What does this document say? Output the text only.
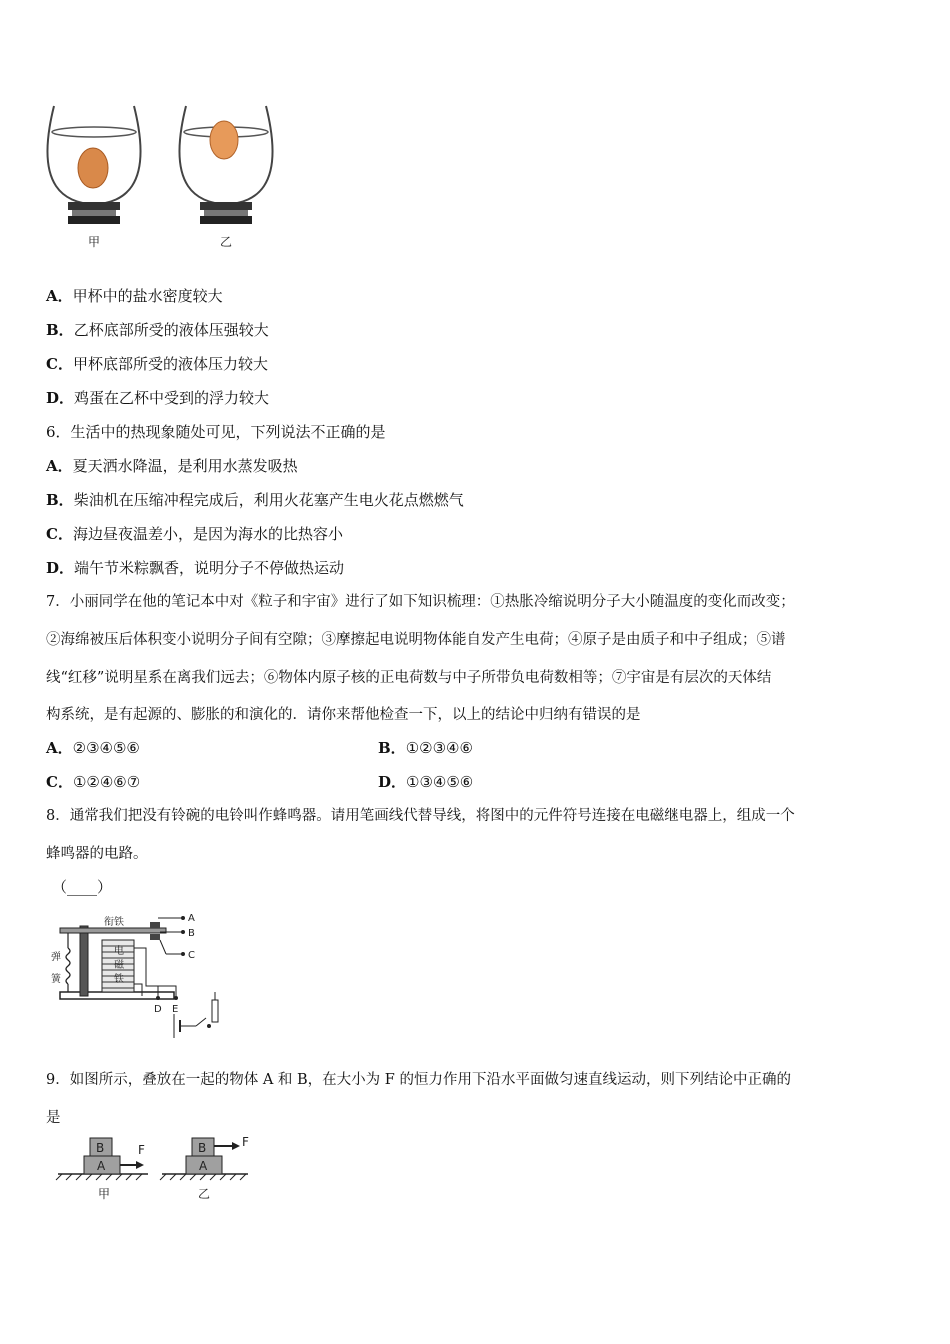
甲	乙
A．甲杯中的盐水密度较大
B．乙杯底部所受的液体压强较大
C．甲杯底部所受的液体压力较大
D．鸡蛋在乙杯中受到的浮力较大
6．生活中的热现象随处可见，下列说法不正确的是
A．夏天洒水降温，是利用水蒸发吸热
B．柴油机在压缩冲程完成后，利用火花塞产生电火花点燃燃气
C．海边昼夜温差小，是因为海水的比热容小
D．端午节米粽飘香，说明分子不停做热运动
7．小丽同学在他的笔记本中对《粒子和宇宙》进行了如下知识梳理：①热胀冷缩说明分子大小随温度的变化而改变；
②海绵被压后体积变小说明分子间有空隙；③摩擦起电说明物体能自发产生电荷；④原子是由质子和中子组成；⑤谱
线“红移”说明星系在离我们远去；⑥物体内原子核的正电荷数与中子所带负电荷数相等；⑦宇宙是有层次的天体结
构系统，是有起源的、膨胀的和演化的．请你来帮他检查一下，以上的结论中归纳有错误的是
A．②③④⑤⑥	B．①②③④⑥
C．①②④⑥⑦	D．①③④⑤⑥
8．通常我们把没有铃碗的电铃叫作蜂鸣器。请用笔画线代替导线，将图中的元件符号连接在电磁继电器上，组成一个
蜂鸣器的电路。
（____）
衔铁
弹
簧
电
磁
铁
A
B
C
D E
9．如图所示，叠放在一起的物体 A 和 B，在大小为 F 的恒力作用下沿水平面做匀速直线运动，则下列结论中正确的
是
B
A
F
甲
B
A
F
乙
